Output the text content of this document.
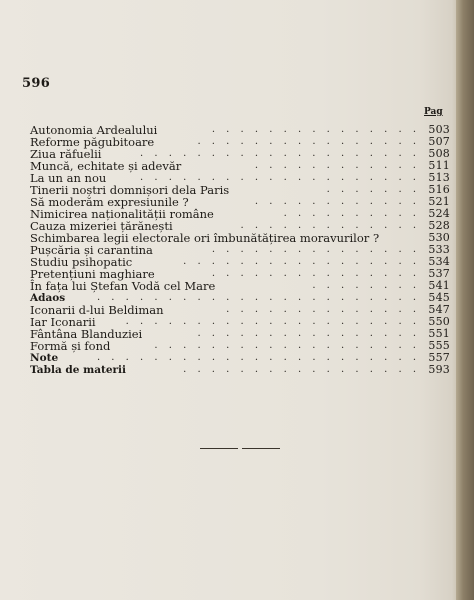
596
Pag
. . . . . . . . . . . . . . .
Autonomia Ardealului	503
. . . . . . . . . . . . . . . .
Reforme păgubitoare	507
. . . . . . . . . . . . . . . . . . . .
Ziua răfuelii	508
. . . . . . . . . . . .
Muncă, echitate și adevăr	511
. . . . . . . . . . . . . . . . . . . .
La un an nou	513
. . . . . . .
Tinerii noștri domnișori dela Paris	516
. . . . . . . . . . . .
Să moderăm expresiunile ?	521
. . . . . . . . . .
Nimicirea naționalității române	524
. . . . . . . . . . . . .
Cauza mizeriei țărănești	528
Schimbarea legii electorale ori îmbunătățirea moravurilor ?	530
. . . . . . . . . . . . . . .
Pușcăria și carantina	533
. . . . . . . . . . . . . . . . .
Studiu psihopatic	534
. . . . . . . . . . . . . . .
Pretențiuni maghiare	537
. . . . . . . .
În fața lui Ștefan Vodă cel Mare	541
. . . . . . . . . . . . . . . . . . . . . . .
Adaos	545
. . . . . . . . . . . . . .
Iconarii d-lui Beldiman	547
. . . . . . . . . . . . . . . . . . . . .
Iar Iconarii	550
. . . . . . . . . . . . . . . .
Fântâna Blanduziei	551
. . . . . . . . . . . . . . . . . . .
Formă și fond	555
. . . . . . . . . . . . . . . . . . . . . . .
Note	557
. . . . . . . . . . . . . . . . .
Tabla de materii	593
